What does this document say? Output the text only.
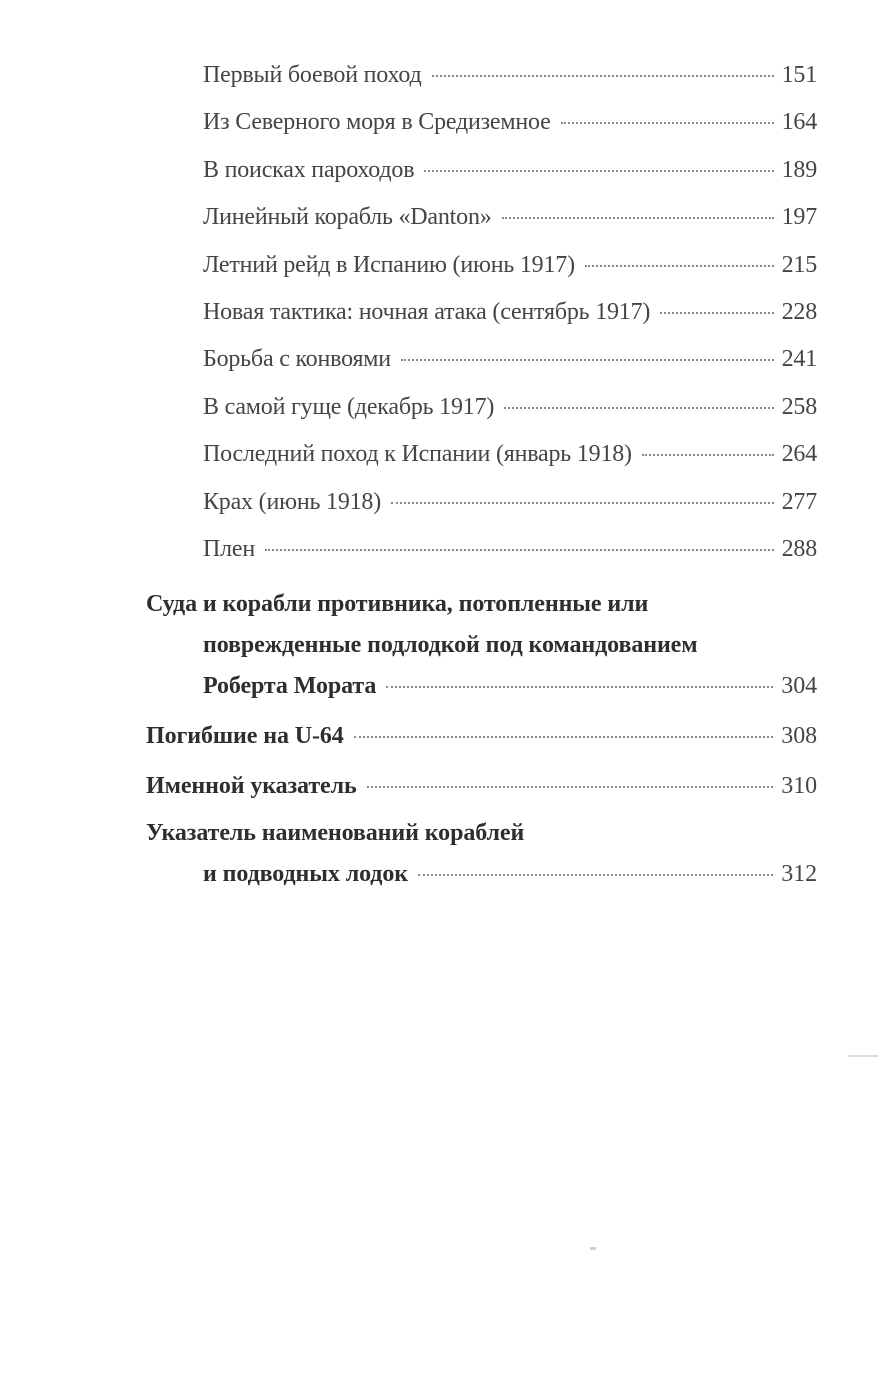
Первый боевой поход	151
Из Северного моря в Средиземное	164
В поисках пароходов	189
Линейный корабль «Danton»	197
Летний рейд в Испанию (июнь 1917)	215
Новая тактика: ночная атака (сентябрь 1917)	228
Борьба с конвоями	241
В самой гуще (декабрь 1917)	258
Последний поход к Испании (январь 1918)	264
Крах (июнь 1918)	277
Плен	288
Суда и корабли противника, потопленные или
поврежденные подлодкой под командованием
Роберта Мората	304
Погибшие на U-64	308
Именной указатель	310
Указатель наименований кораблей
и подводных лодок	312
